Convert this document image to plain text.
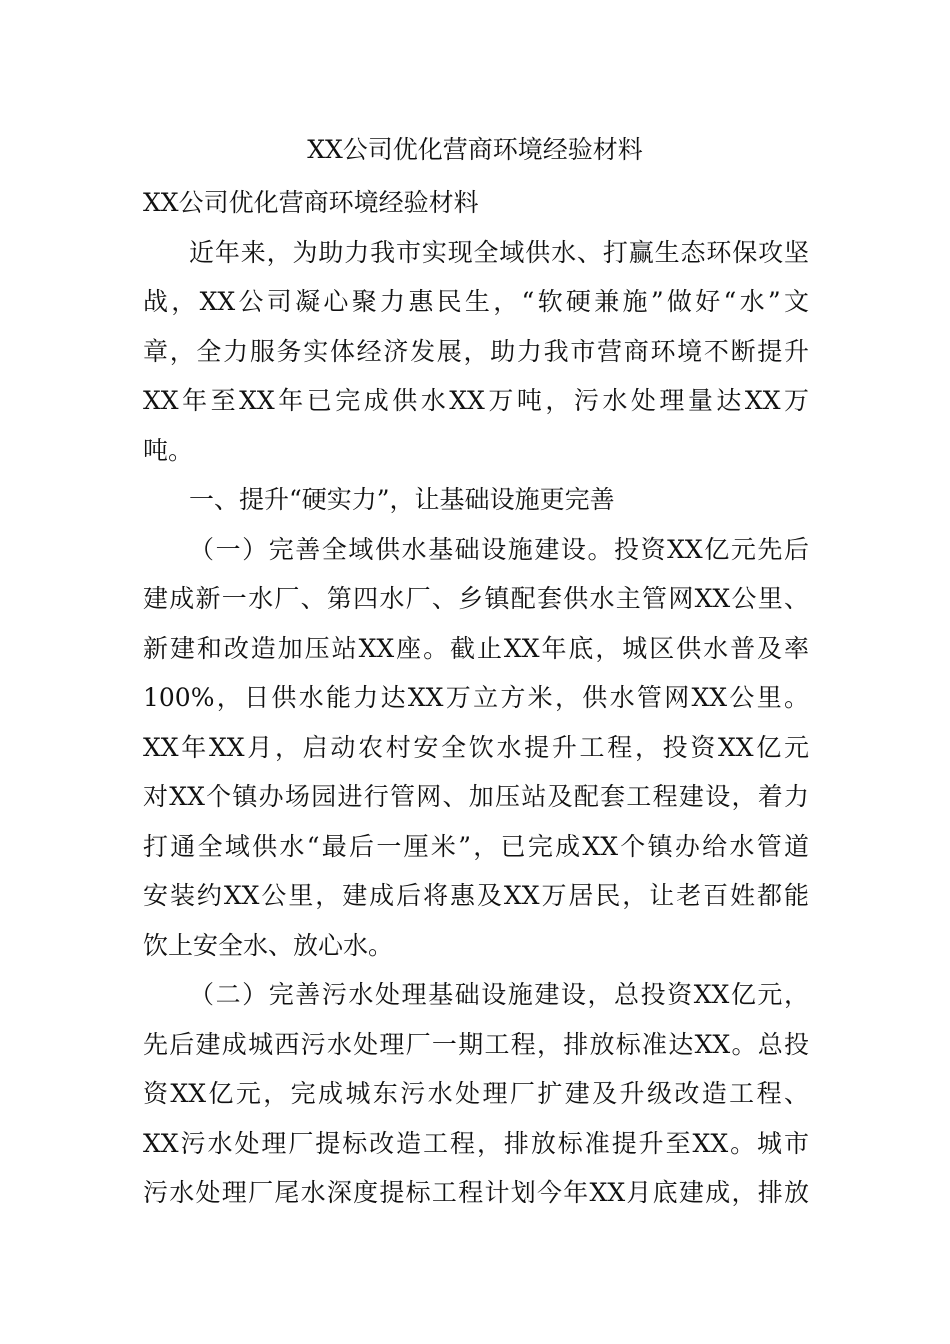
XX公司优化营商环境经验材料
XX公司优化营商环境经验材料
近年来，为助力我市实现全域供水、打赢生态环保攻坚
战，XX公司凝心聚力惠民生，“软硬兼施”做好“水”文
章，全力服务实体经济发展，助力我市营商环境不断提升
XX年至XX年已完成供水XX万吨，污水处理量达XX万
吨。
一、提升“硬实力”，让基础设施更完善
（一）完善全域供水基础设施建设。投资XX亿元先后
建成新一水厂、第四水厂、乡镇配套供水主管网XX公里、
新建和改造加压站XX座。截止XX年底，城区供水普及率
100%，日供水能力达XX万立方米，供水管网XX公里。
XX年XX月，启动农村安全饮水提升工程，投资XX亿元
对XX个镇办场园进行管网、加压站及配套工程建设，着力
打通全域供水“最后一厘米”，已完成XX个镇办给水管道
安装约XX公里，建成后将惠及XX万居民，让老百姓都能
饮上安全水、放心水。
（二）完善污水处理基础设施建设，总投资XX亿元，
先后建成城西污水处理厂一期工程，排放标准达XX。总投
资XX亿元，完成城东污水处理厂扩建及升级改造工程、
XX污水处理厂提标改造工程，排放标准提升至XX。城市
污水处理厂尾水深度提标工程计划今年XX月底建成，排放
